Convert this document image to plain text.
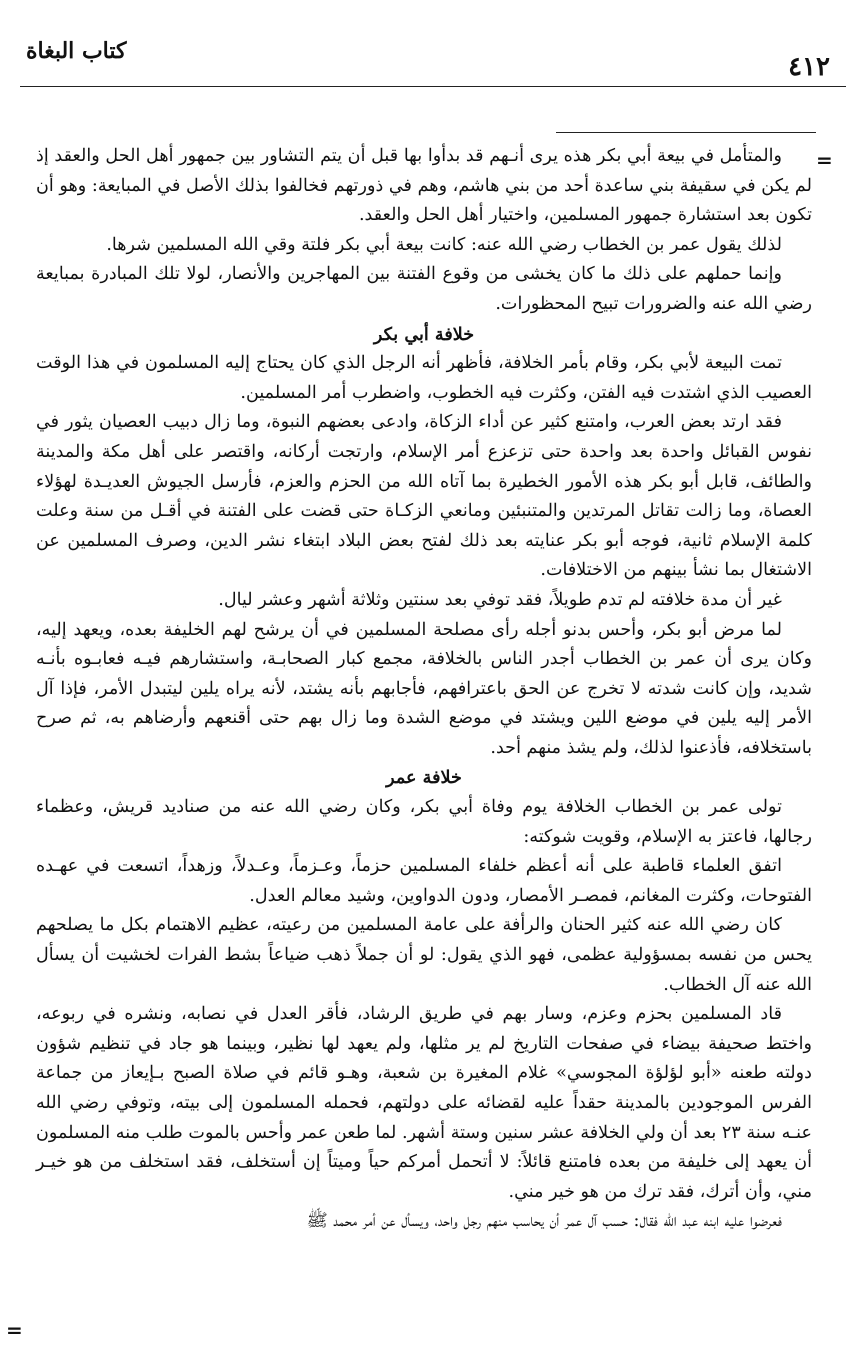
كتاب البغاة
٤١٢
=

والمتأمل في بيعة أبي بكر هذه يرى أنـهم قد بدأوا بها قبل أن يتم التشاور بين جمهور أهل الحل والعقد إذ لم يكن في سقيفة بني ساعدة أحد من بني هاشم، وهم في ذورتهم فخالفوا بذلك الأصل في المبايعة: وهو أن تكون بعد استشارة جمهور المسلمين، واختيار أهل الحل والعقد.

لذلك يقول عمر بن الخطاب رضي الله عنه: كانت بيعة أبي بكر فلتة وقي الله المسلمين شرها.

وإنما حملهم على ذلك ما كان يخشى من وقوع الفتنة بين المهاجرين والأنصار، لولا تلك المبادرة بمبايعة رضي الله عنه والضرورات تبيح المحظورات.

خلافة أبي بكر

تمت البيعة لأبي بكر، وقام بأمر الخلافة، فأظهر أنه الرجل الذي كان يحتاج إليه المسلمون في هذا الوقت العصيب الذي اشتدت فيه الفتن، وكثرت فيه الخطوب، واضطرب أمر المسلمين.

فقد ارتد بعض العرب، وامتنع كثير عن أداء الزكاة، وادعى بعضهم النبوة، وما زال دبيب العصيان يثور في نفوس القبائل واحدة بعد واحدة حتى تزعزع أمر الإسلام، وارتجت أركانه، واقتصر على أهل مكة والمدينة والطائف، قابل أبو بكر هذه الأمور الخطيرة بما آتاه الله من الحزم والعزم، فأرسل الجيوش العديـدة لهؤلاء العصاة، وما زالت تقاتل المرتدين والمتنبئين ومانعي الزكـاة حتى قضت على الفتنة في أقـل من سنة وعلت كلمة الإسلام ثانية، فوجه أبو بكر عنايته بعد ذلك لفتح بعض البلاد ابتغاء نشر الدين، وصرف المسلمين عن الاشتغال بما نشأ بينهم من الاختلافات.

غير أن مدة خلافته لم تدم طويلاً، فقد توفي بعد سنتين وثلاثة أشهر وعشر ليال.

لما مرض أبو بكر، وأحس بدنو أجله رأى مصلحة المسلمين في أن يرشح لهم الخليفة بعده، ويعهد إليه، وكان يرى أن عمر بن الخطاب أجدر الناس بالخلافة، مجمع كبار الصحابـة، واستشارهم فيـه فعابـوه بأنـه شديد، وإن كانت شدته لا تخرج عن الحق باعترافهم، فأجابهم بأنه يشتد، لأنه يراه يلين ليتبدل الأمر، فإذا آل الأمر إليه يلين في موضع اللين ويشتد في موضع الشدة وما زال بهم حتى أقنعهم وأرضاهم به، ثم صرح باستخلافه، فأذعنوا لذلك، ولم يشذ منهم أحد.

خلافة عمر

تولى عمر بن الخطاب الخلافة يوم وفاة أبي بكر، وكان رضي الله عنه من صناديد قريش، وعظماء رجالها، فاعتز به الإسلام، وقويت شوكته:

اتفق العلماء قاطبة على أنه أعظم خلفاء المسلمين حزماً، وعـزماً، وعـدلاً، وزهداً، اتسعت في عهـده الفتوحات، وكثرت المغانم، فمصـر الأمصار، ودون الدواوين، وشيد معالم العدل.

كان رضي الله عنه كثير الحنان والرأفة على عامة المسلمين من رعيته، عظيم الاهتمام بكل ما يصلحهم يحس من نفسه بمسؤولية عظمى، فهو الذي يقول: لو أن جملاً ذهب ضياعاً بشط الفرات لخشيت أن يسأل الله عنه آل الخطاب.

قاد المسلمين بحزم وعزم، وسار بهم في طريق الرشاد، فأقر العدل في نصابه، ونشره في ربوعه، واختط صحيفة بيضاء في صفحات التاريخ لم ير مثلها، ولم يعهد لها نظير، وبينما هو جاد في تنظيم شؤون دولته طعنه «أبو لؤلؤة المجوسي» غلام المغيرة بن شعبة، وهـو قائم في صلاة الصبح بـإيعاز من جماعة الفرس الموجودين بالمدينة حقداً عليه لقضائه على دولتهم، فحمله المسلمون إلى بيته، وتوفي رضي الله عنـه سنة ٢٣ بعد أن ولي الخلافة عشر سنين وستة أشهر. لما طعن عمر وأحس بالموت طلب منه المسلمون أن يعهد إلى خليفة من بعده فامتنع قائلاً: لا أتحمل أمركم حياً وميتاً إن أستخلف، فقد استخلف من هو خيـر مني، وأن أترك، فقد ترك من هو خير مني.

فعرضوا عليه ابنه عبد الله فقال: حسب آل عمر أن يحاسب منهم رجل واحد، ويسأل عن أمر محمد ﷺ

=
